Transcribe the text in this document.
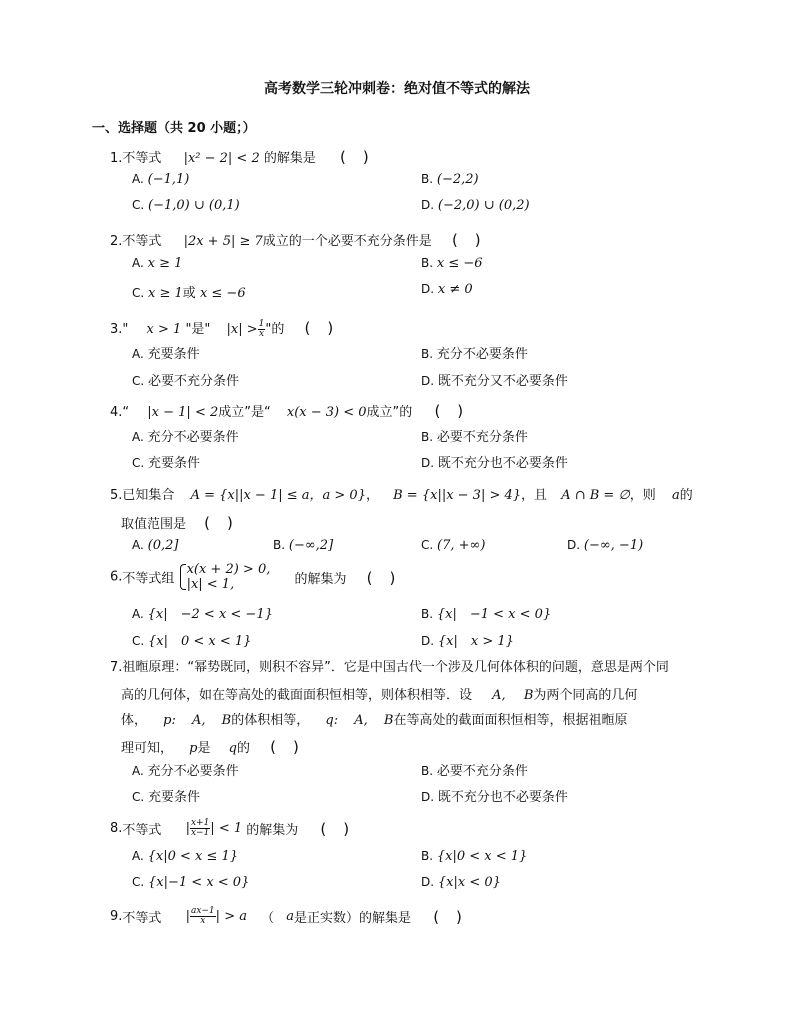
高考数学三轮冲刺卷：绝对值不等式的解法
一、选择题（共 20 小题；）
1.不等式 |x² − 2| < 2 的解集是 (　)
A. (−1,1)	B. (−2,2)
C. (−1,0) ∪ (0,1)	D. (−2,0) ∪ (0,2)
2.不等式 |2x + 5| ≥ 7成立的一个必要不充分条件是 (　)
A. x ≥ 1	B. x ≤ −6
C. x ≥ 1或 x ≤ −6	D. x ≠ 0
3." x > 1 "是" $|x| > \frac{1}{x}$ "的 (　)
A. 充要条件	B. 充分不必要条件
C. 必要不充分条件	D. 既不充分又不必要条件
4.“ |x − 1| < 2成立”是“ x(x − 3) < 0成立”的 (　)
A. 充分不必要条件	B. 必要不充分条件
C. 充要条件	D. 既不充分也不必要条件
5.已知集合 A = {x||x − 1| ≤ a，a > 0}， B = {x||x − 3| > 4}，且 A ∩ B = ∅，则 a的
取值范围是 (　)
A. (0,2]	B. (−∞,2]	C. (7, +∞)	D. (−∞, −1)
6.不等式组
x(x + 2) > 0,
|x| < 1,	的解集为 (　)
A. {x|　−2 < x < −1}	B. {x|　−1 < x < 0}
C. {x|　0 < x < 1}	D. {x|　x > 1}
7.祖暅原理：“幂势既同，则积不容异”．它是中国古代一个涉及几何体体积的问题，意思是两个同
高的几何体，如在等高处的截面面积恒相等，则体积相等．设 A, B为两个同高的几何
体， p: A, B的体积相等， q: A, B在等高处的截面面积恒相等，根据祖暅原
理可知， p是 q的 (　)
A. 充分不必要条件	B. 必要不充分条件
C. 充要条件	D. 既不充分也不必要条件
8.不等式 | $\frac{x+1}{x-1}$ | < 1 的解集为 (　)
A. {x|0 < x ≤ 1}	B. {x|0 < x < 1}
C. {x|−1 < x < 0}	D. {x|x < 0}
9.不等式 | $\frac{ax-1}{x}$ | > a （ a是正实数）的解集是 (　)
